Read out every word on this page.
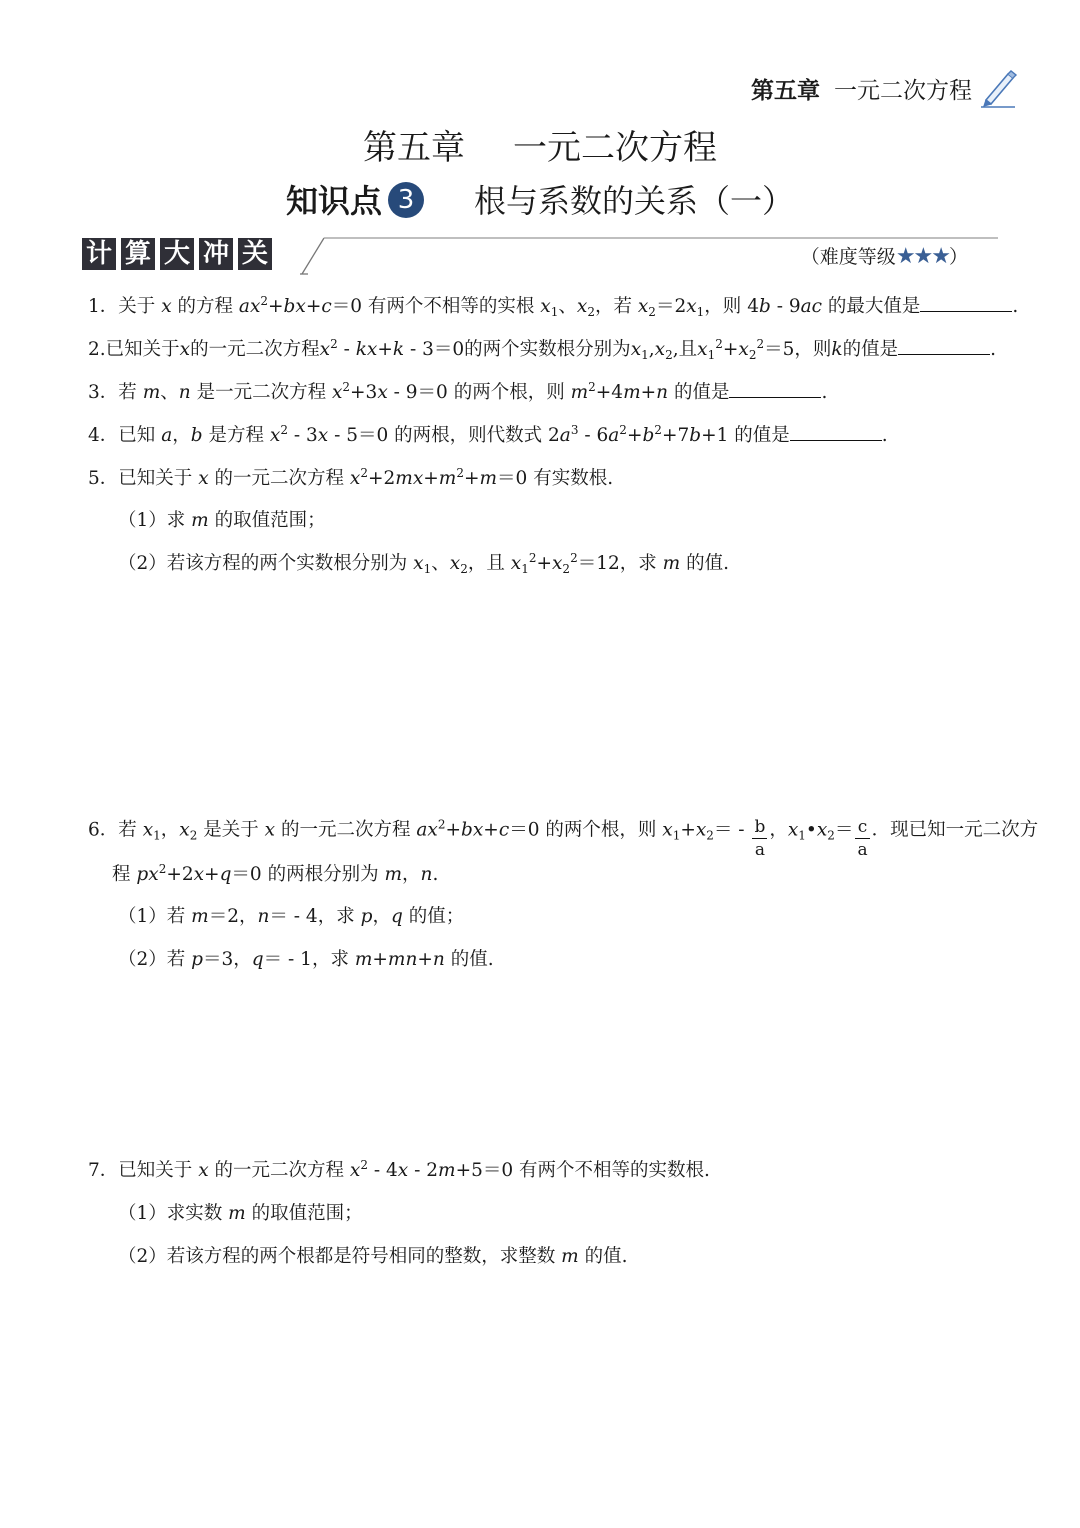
第五章 一元二次方程
第五章 一元二次方程
知识点 3 根与系数的关系（一）
计 算 大 冲 关	（难度等级★★★）
1．关于 x 的方程 $ax^2+bx+c=0$ 有两个不相等的实根 $x_1$、$x_2$，若 $x_2=2x_1$，则 4b - 9ac 的最大值是	.
2.已知关于x的一元二次方程$x^2 - kx+k - 3=0$的两个实数根分别为$x_1,x_2$,且$x_1^2+x_2^2=5$，则k的值是	.
3．若 m、n 是一元二次方程 $x^2+3x - 9=0$ 的两个根，则 $m^2+4m+n$ 的值是	.
4．已知 a，b 是方程 $x^2 - 3x - 5=0$ 的两根，则代数式 $2a^3 - 6a^2+b^2+7b+1$ 的值是	.
5．已知关于 x 的一元二次方程 $x^2+2mx+m^2+m=0$ 有实数根.
（1）求 m 的取值范围；
（2）若该方程的两个实数根分别为 $x_1$、$x_2$，且 $x_1^2+x_2^2=12$，求 m 的值.
6．若 $x_1$，$x_2$ 是关于 x 的一元二次方程 $ax^2+bx+c=0$ 的两个根，则 $x_1+x_2= - \frac{b}{a}$ ，$x_1•x_2= \frac{c}{a}$ ．现已知一元二次方
程 $px^2+2x+q=0$ 的两根分别为 m，n.
（1）若 m＝2，n＝ - 4，求 p，q 的值；
（2）若 p＝3，q＝ - 1，求 m+mn+n 的值.
7．已知关于 x 的一元二次方程 $x^2 - 4x - 2m+5=0$ 有两个不相等的实数根.
（1）求实数 m 的取值范围；
（2）若该方程的两个根都是符号相同的整数，求整数 m 的值.
